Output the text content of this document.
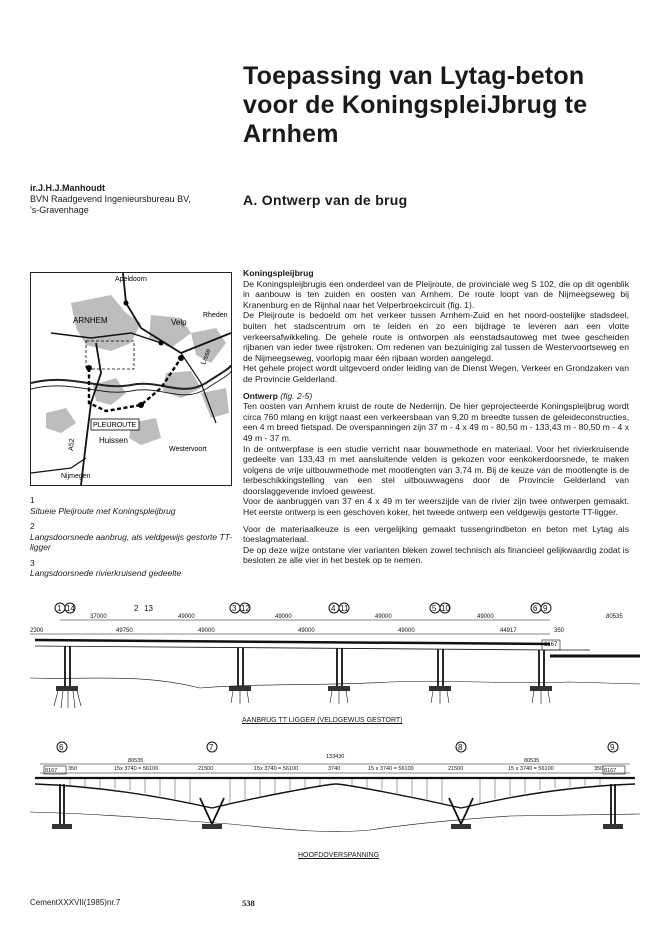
Toepassing van Lytag-beton
voor de KoningspleiJbrug te
Arnhem
ir.J.H.J.Manhoudt
BVN Raadgevend Ingenieursbureau BV,
's-Gravenhage
A. Ontwerp van de brug
Apeldoorn
ARNHEM	Velp
Rheden
Lisse
PLEIJROUTE
Westervoort
Huissen
A52
Nijmegen
1
Situeie Pleijroute met Koningspleijbrug
2
Langsdoorsnede aanbrug, als veldgewijs gestorte TT-ligger
3
Langsdoorsnede rivierkruisend gedeelte

Koningspleijbrug

De Koningspleijbrugis een onderdeel van de Pleijroute, de provinciale weg S 102, die op dit ogenblik in aanbouw is ten zuiden en oosten van Arnhem. De route loopt van de Nijmeegseweg bij Kranenburg en de Rijnhal naar het Velperbroekcircuit (fig. 1).

De Pleijroute is bedoeld om het verkeer tussen Arnhem-Zuid en het noord-oostelijke stadsdeel, buiten het stadscentrum om te leiden en zo een bijdrage te leveren aan een vlotte verkeersafwikkeling. De gehele route is ontworpen als eenstadsautoweg met twee gescheiden rijbanen van ieder twee rijstroken. Om redenen van bezuiniging zal tussen de Westervoortseweg en de Nijmeegseweg, voorlopig maar één rijbaan worden aangelegd.

Het gehele project wordt uitgevoerd onder leiding van de Dienst Wegen, Verkeer en Grondzaken van de Provincie Gelderland.

Ontwerp (fig. 2-5)

Ten oosten van Arnhem kruist de route de Nederrijn. De hier geprojecteerde Koningspleijbrug wordt circa 760 mlang en krijgt naast een verkeersbaan van 9,20 m breedte tussen de geleideconstructies, een 4 m breed fietspad. De overspanningen zijn 37 m - 4 x 49 m - 80,50 m - 133,43 m - 80,50 m - 4 x 49 m - 37 m.

In de ontwerpfase is een studie verricht naar bouwmethode en materiaal. Voor het rivierkruisende gedeelte van 133,43 m met aansluitende velden is gekozen voor eenkokerdoorsnede, te maken volgens de vrije uitbouwmethode met mootlengten van 3,74 m. Bij de keuze van de mootlengte is de terbeschikkingstelling van een stel uitbouwwagens door de Provincie Gelderland van doorslaggevende invloed geweest.

Voor de aanbruggen van 37 en 4 x 49 m ter weerszijde van de rivier zijn twee ontwerpen gemaakt. Het eerste ontwerp is een geschoven koker, het tweede ontwerp een veldgewijs gestorte TT-ligger.

Voor de materiaalkeuze is een vergelijking gemaakt tussengrindbeton en beton met Lytag als toeslagmateriaal.

De op deze wijze ontstane vier varianten bleken zowel technisch als financieel gelijkwaardig zodat is besloten ze alle vier in het bestek op te nemen.

1 14	2 13	3 12	4 11	5 10	6 9
37000	49000	49000	49000	49000	80535
2300	49750	49000	49000	49000	44917	350
8167
6	7	8	9
80535
133430
80535
15x 3740 = 56100	15x 3740 = 56100	3740	15 x 3740 = 56100	15 x 3740 = 56100
8167 350	21500	21500	350 8167
AANBRUG TT LIGGER (VELDGEWIJS GESTORT)
HOOFDOVERSPANNING
CementXXXVII(1985)nr.7	538
